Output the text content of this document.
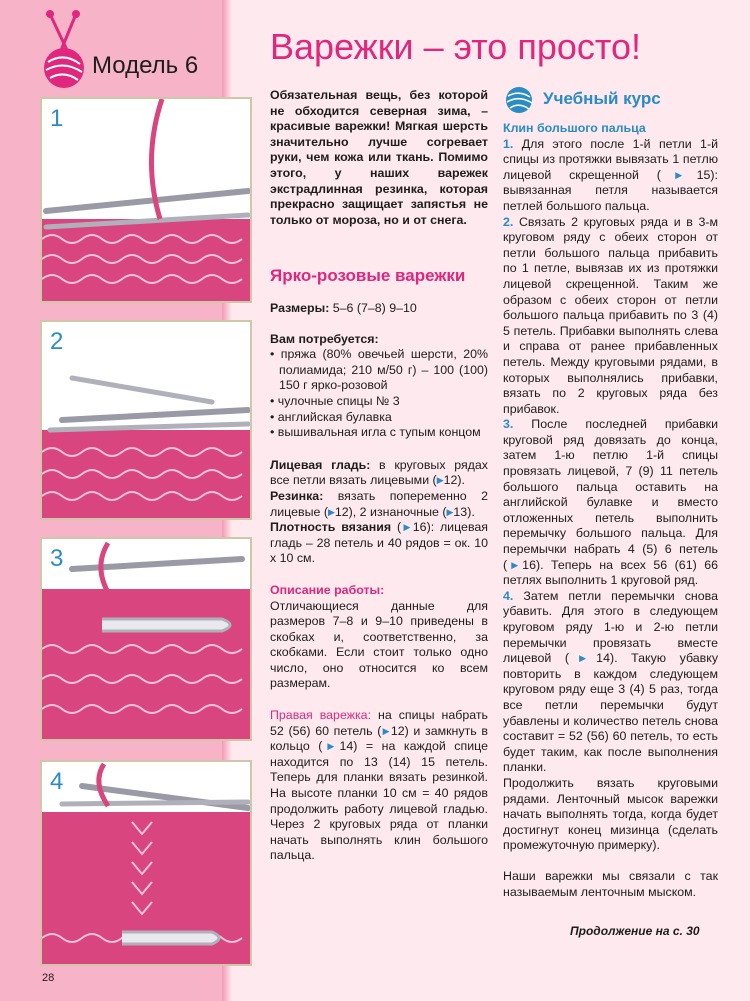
Модель 6 Варежки – это просто!
1
2
3
4
Обязательная вещь, без которой не обходится северная зима, – красивые варежки! Мягкая шерсть значительно лучше согревает руки, чем кожа или ткань. Помимо этого, у наших варежек экстрадлинная резинка, которая прекрасно защищает запястья не только от мороза, но и от снега.
Ярко-розовые варежки

Размеры: 5–6 (7–8) 9–10

Вам потребуется:

• пряжа (80% овечьей шерсти, 20% полиамида; 210 м/50 г) – 100 (100) 150 г ярко-розовой
• чулочные спицы № 3
• английская булавка
• вышивальная игла с тупым концом

Лицевая гладь: в круговых рядах все петли вязать лицевыми (▶12).

Резинка: вязать попеременно 2 лицевые (▶12), 2 изнаночные (▶13).

Плотность вязания (▶16): лицевая гладь – 28 петель и 40 рядов = ок. 10 x 10 см.

Описание работы:

Отличающиеся данные для размеров 7–8 и 9–10 приведены в скобках и, соответственно, за скобками. Если стоит только одно число, оно относится ко всем размерам.

Правая варежка: на спицы набрать 52 (56) 60 петель (▶12) и замкнуть в кольцо (▶14) = на каждой спице находится по 13 (14) 15 петель. Теперь для планки вязать резинкой. На высоте планки 10 см = 40 рядов продолжить работу лицевой гладью. Через 2 круговых ряда от планки начать выполнять клин большого пальца.

Учебный курс

Клин большого пальца

1. Для этого после 1-й петли 1-й спицы из протяжки вывязать 1 петлю лицевой скрещенной (▶15): вывязанная петля называется петлей большого пальца.

2. Связать 2 круговых ряда и в 3-м круговом ряду с обеих сторон от петли большого пальца прибавить по 1 петле, вывязав их из протяжки лицевой скрещенной. Таким же образом с обеих сторон от петли большого пальца прибавить по 3 (4) 5 петель. Прибавки выполнять слева и справа от ранее прибавленных петель. Между круговыми рядами, в которых выполнялись прибавки, вязать по 2 круговых ряда без прибавок.

3. После последней прибавки круговой ряд довязать до конца, затем 1-ю петлю 1-й спицы провязать лицевой, 7 (9) 11 петель большого пальца оставить на английской булавке и вместо отложенных петель выполнить перемычку большого пальца. Для перемычки набрать 4 (5) 6 петель (▶16). Теперь на всех 56 (61) 66 петлях выполнить 1 круговой ряд.

4. Затем петли перемычки снова убавить. Для этого в следующем круговом ряду 1-ю и 2-ю петли перемычки провязать вместе лицевой (▶14). Такую убавку повторить в каждом следующем круговом ряду еще 3 (4) 5 раз, тогда все петли перемычки будут убавлены и количество петель снова составит = 52 (56) 60 петель, то есть будет таким, как после выполнения планки.

Продолжить вязать круговыми рядами. Ленточный мысок варежки начать выполнять тогда, когда будет достигнут конец мизинца (сделать промежуточную примерку).

Наши варежки мы связали с так называемым ленточным мыском.

Продолжение на с. 30
28
